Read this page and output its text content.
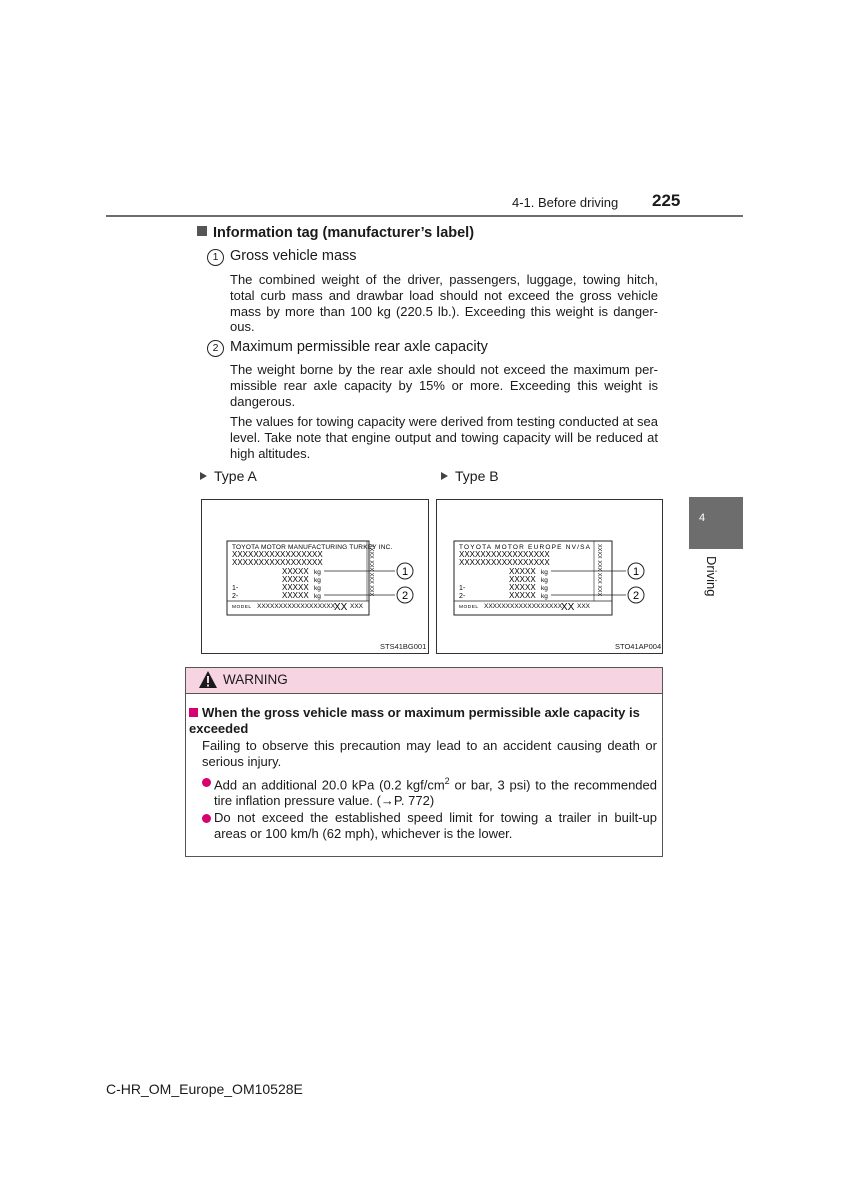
4-1. Before driving 225
4
Driving
Information tag (manufacturer’s label)
1 Gross vehicle mass
The combined weight of the driver, passengers, luggage, towing hitch, total curb mass and drawbar load should not exceed the gross vehicle mass by more than 100 kg (220.5 lb.). Exceeding this weight is danger-ous.
2 Maximum permissible rear axle capacity
The weight borne by the rear axle should not exceed the maximum per-missible rear axle capacity by 15% or more. Exceeding this weight is dangerous.
The values for towing capacity were derived from testing conducted at sea level. Take note that engine output and towing capacity will be reduced at high altitudes.
Type A	Type B
TOYOTA MOTOR MANUFACTURING TURKEY INC.
XXXXXXXXXXXXXXXXX
XXXXXXXXXXXXXXXXX
XXXXX
XXXXX
1-	XXXXX
2-	XXXXX
kg
kg
kg
kg
MODEL XXXXXXXXXXXXXXXXXX
XX XXX
XXXX XXX XXX XXX	1
2
STS41BG001
TOYOTA MOTOR EUROPE NV/SA
XXXXXXXXXXXXXXXXX
XXXXXXXXXXXXXXXXX
XXXXX
XXXXX
1-	XXXXX
2-	XXXXX
kg
kg
kg
kg
MODEL XXXXXXXXXXXXXXXXXX
XX XXX
XXXX XXX XXX XXX	1
2
STO41AP004
WARNING
When the gross vehicle mass or maximum permissible axle capacity is exceeded
Failing to observe this precaution may lead to an accident causing death or serious injury.
Add an additional 20.0 kPa (0.2 kgf/$cm^2$ or bar, 3 psi) to the recommended tire inflation pressure value. (→P. 772)
Do not exceed the established speed limit for towing a trailer in built-up areas or 100 km/h (62 mph), whichever is the lower.
C-HR_OM_Europe_OM10528E
